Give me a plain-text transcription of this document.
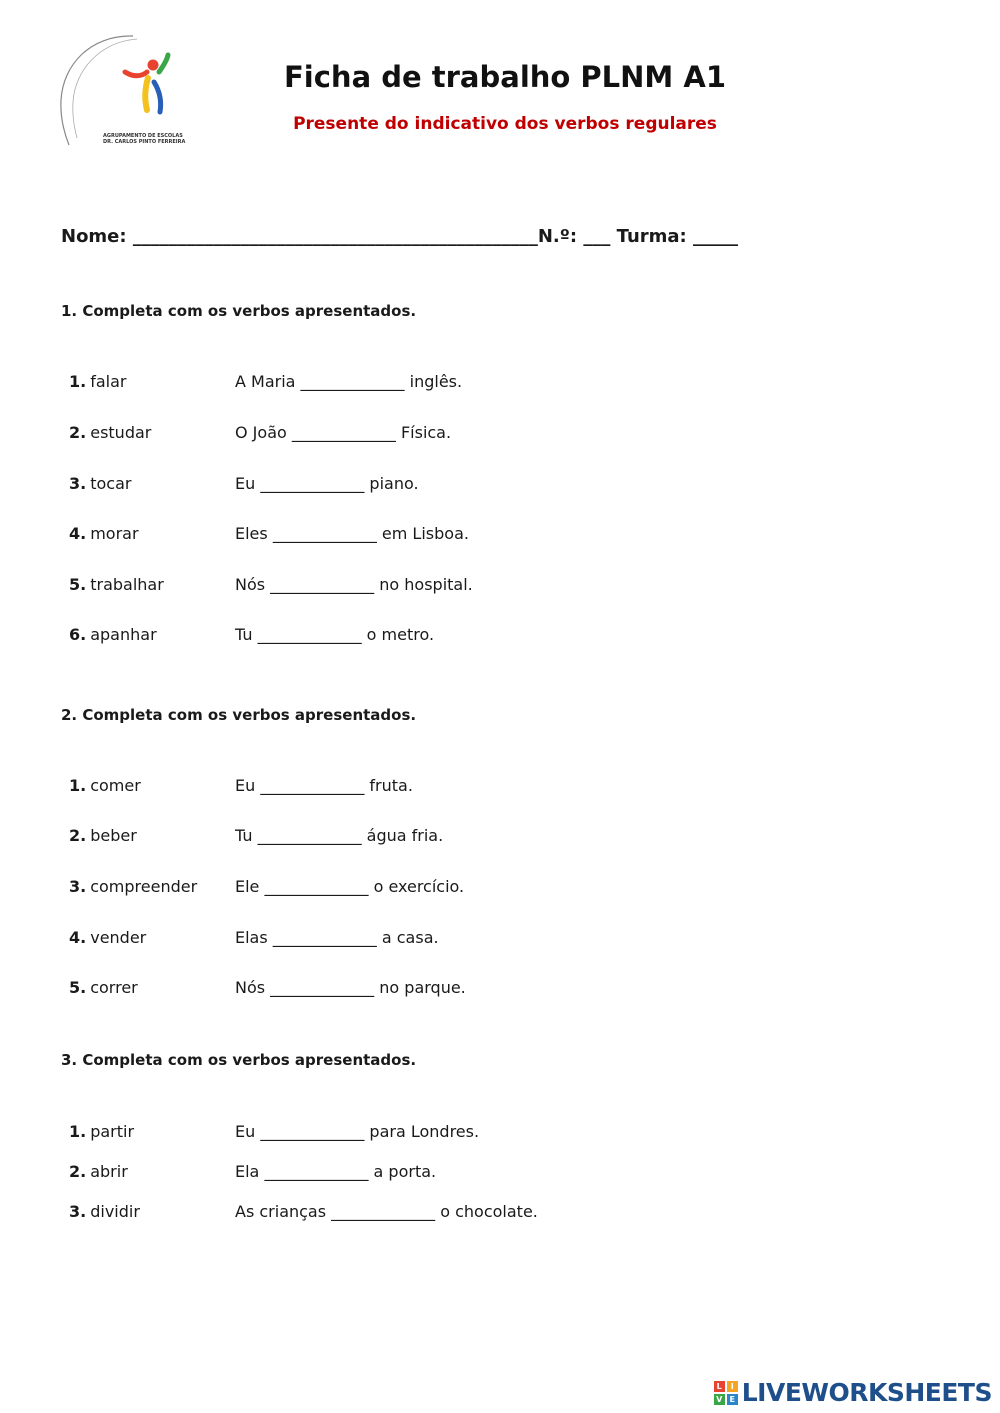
AGRUPAMENTO DE ESCOLAS
DR. CARLOS PINTO FERREIRA
Ficha de trabalho PLNM A1
Presente do indicativo dos verbos regulares
Nome: _____________________________________________N.º: ___ Turma: _____
1. Completa com os verbos apresentados.
1. falar	A Maria _____________ inglês.
2. estudar	O João _____________ Física.
3. tocar	Eu _____________ piano.
4. morar	Eles _____________ em Lisboa.
5. trabalhar	Nós _____________ no hospital.
6. apanhar	Tu _____________ o metro.
2. Completa com os verbos apresentados.
1. comer	Eu _____________ fruta.
2. beber	Tu _____________ água fria.
3. compreender Ele _____________ o exercício.
4. vender	Elas _____________ a casa.
5. correr	Nós _____________ no parque.
3. Completa com os verbos apresentados.
1. partir	Eu _____________ para Londres.
2. abrir	Ela _____________ a porta.
3. dividir	As crianças _____________ o chocolate.
L	I
V E LIVEWORKSHEETS
